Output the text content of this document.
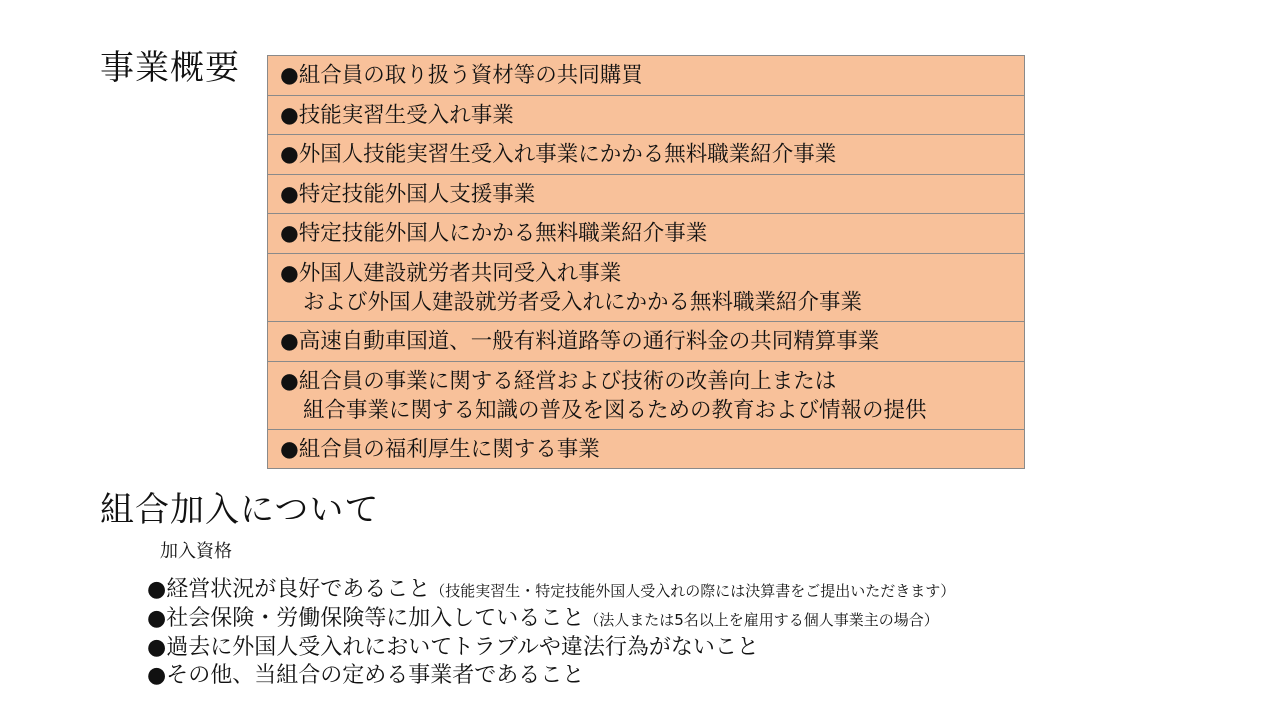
事業概要 ●組合員の取り扱う資材等の共同購買
●技能実習生受入れ事業
●外国人技能実習生受入れ事業にかかる無料職業紹介事業
●特定技能外国人支援事業
●特定技能外国人にかかる無料職業紹介事業
●外国人建設就労者共同受入れ事業
および外国人建設就労者受入れにかかる無料職業紹介事業
●高速自動車国道、一般有料道路等の通行料金の共同精算事業
●組合員の事業に関する経営および技術の改善向上または
組合事業に関する知識の普及を図るための教育および情報の提供
●組合員の福利厚生に関する事業
組合加入について
加入資格
●経営状況が良好であること（技能実習生・特定技能外国人受入れの際には決算書をご提出いただきます）
●社会保険・労働保険等に加入していること（法人または5名以上を雇用する個人事業主の場合）
●過去に外国人受入れにおいてトラブルや違法行為がないこと
●その他、当組合の定める事業者であること
